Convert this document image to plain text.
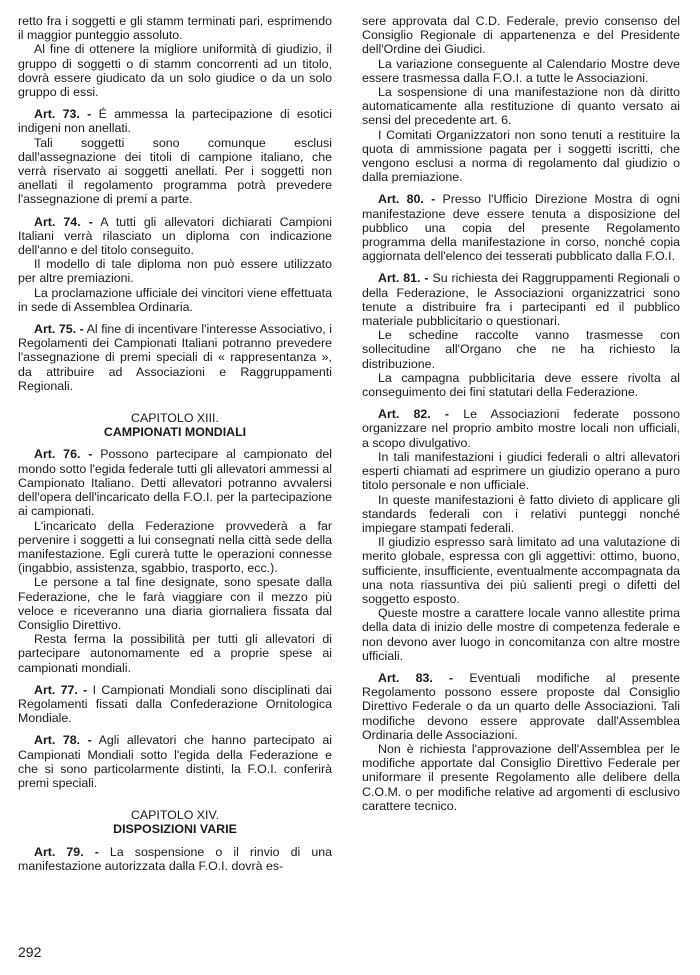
retto fra i soggetti e gli stamm terminati pari, esprimendo il maggior punteggio assoluto.

Al fine di ottenere la migliore uniformità di giudizio, il gruppo di soggetti o di stamm concorrenti ad un titolo, dovrà essere giudicato da un solo giudice o da un solo gruppo di essi.

Art. 73. - É ammessa la partecipazione di esotici indigeni non anellati.

Tali soggetti sono comunque esclusi dall'assegnazione dei titoli di campione italiano, che verrà riservato ai soggetti anellati. Per i soggetti non anellati il regolamento programma potrà prevedere l'assegnazione di premi a parte.

Art. 74. - A tutti gli allevatori dichiarati Campioni Italiani verrà rilasciato un diploma con indicazione dell'anno e del titolo conseguito.

Il modello di tale diploma non può essere utilizzato per altre premiazioni.

La proclamazione ufficiale dei vincitori viene effettuata in sede di Assemblea Ordinaria.

Art. 75. - Al fine di incentivare l'interesse Associativo, i Regolamenti dei Campionati Italiani potranno prevedere l'assegnazione di premi speciali di « rappresentanza », da attribuire ad Associazioni e Raggruppamenti Regionali.

CAPITOLO XIII.
CAMPIONATI MONDIALI

Art. 76. - Possono partecipare al campionato del mondo sotto l'egida federale tutti gli allevatori ammessi al Campionato Italiano. Detti allevatori potranno avvalersi dell'opera dell'incaricato della F.O.I. per la partecipazione ai campionati.

L'incaricato della Federazione provvederà a far pervenire i soggetti a lui consegnati nella città sede della manifestazione. Egli curerà tutte le operazioni connesse (ingabbio, assistenza, sgabbio, trasporto, ecc.).

Le persone a tal fine designate, sono spesate dalla Federazione, che le farà viaggiare con il mezzo più veloce e riceveranno una diaria giornaliera fissata dal Consiglio Direttivo.

Resta ferma la possibilità per tutti gli allevatori di partecipare autonomamente ed a proprie spese ai campionati mondiali.

Art. 77. - I Campionati Mondiali sono disciplinati dai Regolamenti fissati dalla Confederazione Ornitologica Mondiale.

Art. 78. - Agli allevatori che hanno partecipato ai Campionati Mondiali sotto l'egida della Federazione e che si sono particolarmente distinti, la F.O.I. conferirà premi speciali.

CAPITOLO XIV.
DISPOSIZIONI VARIE

Art. 79. - La sospensione o il rinvio di una manifestazione autorizzata dalla F.O.I. dovrà es-

sere approvata dal C.D. Federale, previo consenso del Consiglio Regionale di appartenenza e del Presidente dell'Ordine dei Giudici.

La variazione conseguente al Calendario Mostre deve essere trasmessa dalla F.O.I. a tutte le Associazioni.

La sospensione di una manifestazione non dà diritto automaticamente alla restituzione di quanto versato ai sensi del precedente art. 6.

I Comitati Organizzatori non sono tenuti a restituire la quota di ammissione pagata per i soggetti iscritti, che vengono esclusi a norma di regolamento dal giudizio o dalla premiazione.

Art. 80. - Presso l'Ufficio Direzione Mostra di ogni manifestazione deve essere tenuta a disposizione del pubblico una copia del presente Regolamento programma della manifestazione in corso, nonché copia aggiornata dell'elenco dei tesserati pubblicato dalla F.O.I.

Art. 81. - Su richiesta dei Raggruppamenti Regionali o della Federazione, le Associazioni organizzatrici sono tenute a distribuire fra i partecipanti ed il pubblico materiale pubblicitario o questionari.

Le schedine raccolte vanno trasmesse con sollecitudine all'Organo che ne ha richiesto la distribuzione.

La campagna pubblicitaria deve essere rivolta al conseguimento dei fini statutari della Federazione.

Art. 82. - Le Associazioni federate possono organizzare nel proprio ambito mostre locali non ufficiali, a scopo divulgativo.

In tali manifestazioni i giudici federali o altri allevatori esperti chiamati ad esprimere un giudizio operano a puro titolo personale e non ufficiale.

In queste manifestazioni è fatto divieto di applicare gli standards federali con i relativi punteggi nonché impiegare stampati federali.

Il giudizio espresso sarà limitato ad una valutazione di merito globale, espressa con gli aggettivi: ottimo, buono, sufficiente, insufficiente, eventualmente accompagnata da una nota riassuntiva dei più salienti pregi o difetti del soggetto esposto.

Queste mostre a carattere locale vanno allestite prima della data di inizio delle mostre di competenza federale e non devono aver luogo in concomitanza con altre mostre ufficiali.

Art. 83. - Eventuali modifiche al presente Regolamento possono essere proposte dal Consiglio Direttivo Federale o da un quarto delle Associazioni. Tali modifiche devono essere approvate dall'Assemblea Ordinaria delle Associazioni.

Non è richiesta l'approvazione dell'Assemblea per le modifiche apportate dal Consiglio Direttivo Federale per uniformare il presente Regolamento alle delibere della C.O.M. o per modifiche relative ad argomenti di esclusivo carattere tecnico.

292
